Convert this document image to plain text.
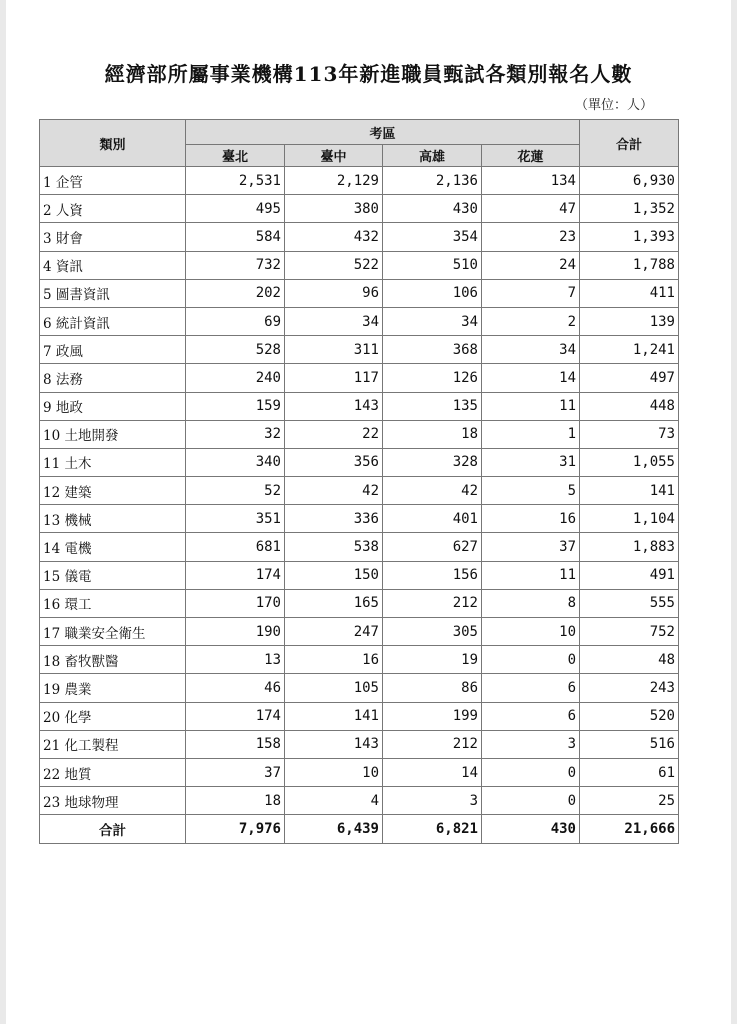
經濟部所屬事業機構113年新進職員甄試各類別報名人數
（單位：人）
類別	考區				合計
	臺北	臺中	高雄	花蓮	
1 企管	2,531	2,129	2,136	134	6,930
2 人資	495	380	430	47	1,352
3 財會	584	432	354	23	1,393
4 資訊	732	522	510	24	1,788
5 圖書資訊	202	96	106	7	411
6 統計資訊	69	34	34	2	139
7 政風	528	311	368	34	1,241
8 法務	240	117	126	14	497
9 地政	159	143	135	11	448
10 土地開發	32	22	18	1	73
11 土木	340	356	328	31	1,055
12 建築	52	42	42	5	141
13 機械	351	336	401	16	1,104
14 電機	681	538	627	37	1,883
15 儀電	174	150	156	11	491
16 環工	170	165	212	8	555
17 職業安全衛生	190	247	305	10	752
18 畜牧獸醫	13	16	19	0	48
19 農業	46	105	86	6	243
20 化學	174	141	199	6	520
21 化工製程	158	143	212	3	516
22 地質	37	10	14	0	61
23 地球物理	18	4	3	0	25
合計	7,976	6,439	6,821	430	21,666
